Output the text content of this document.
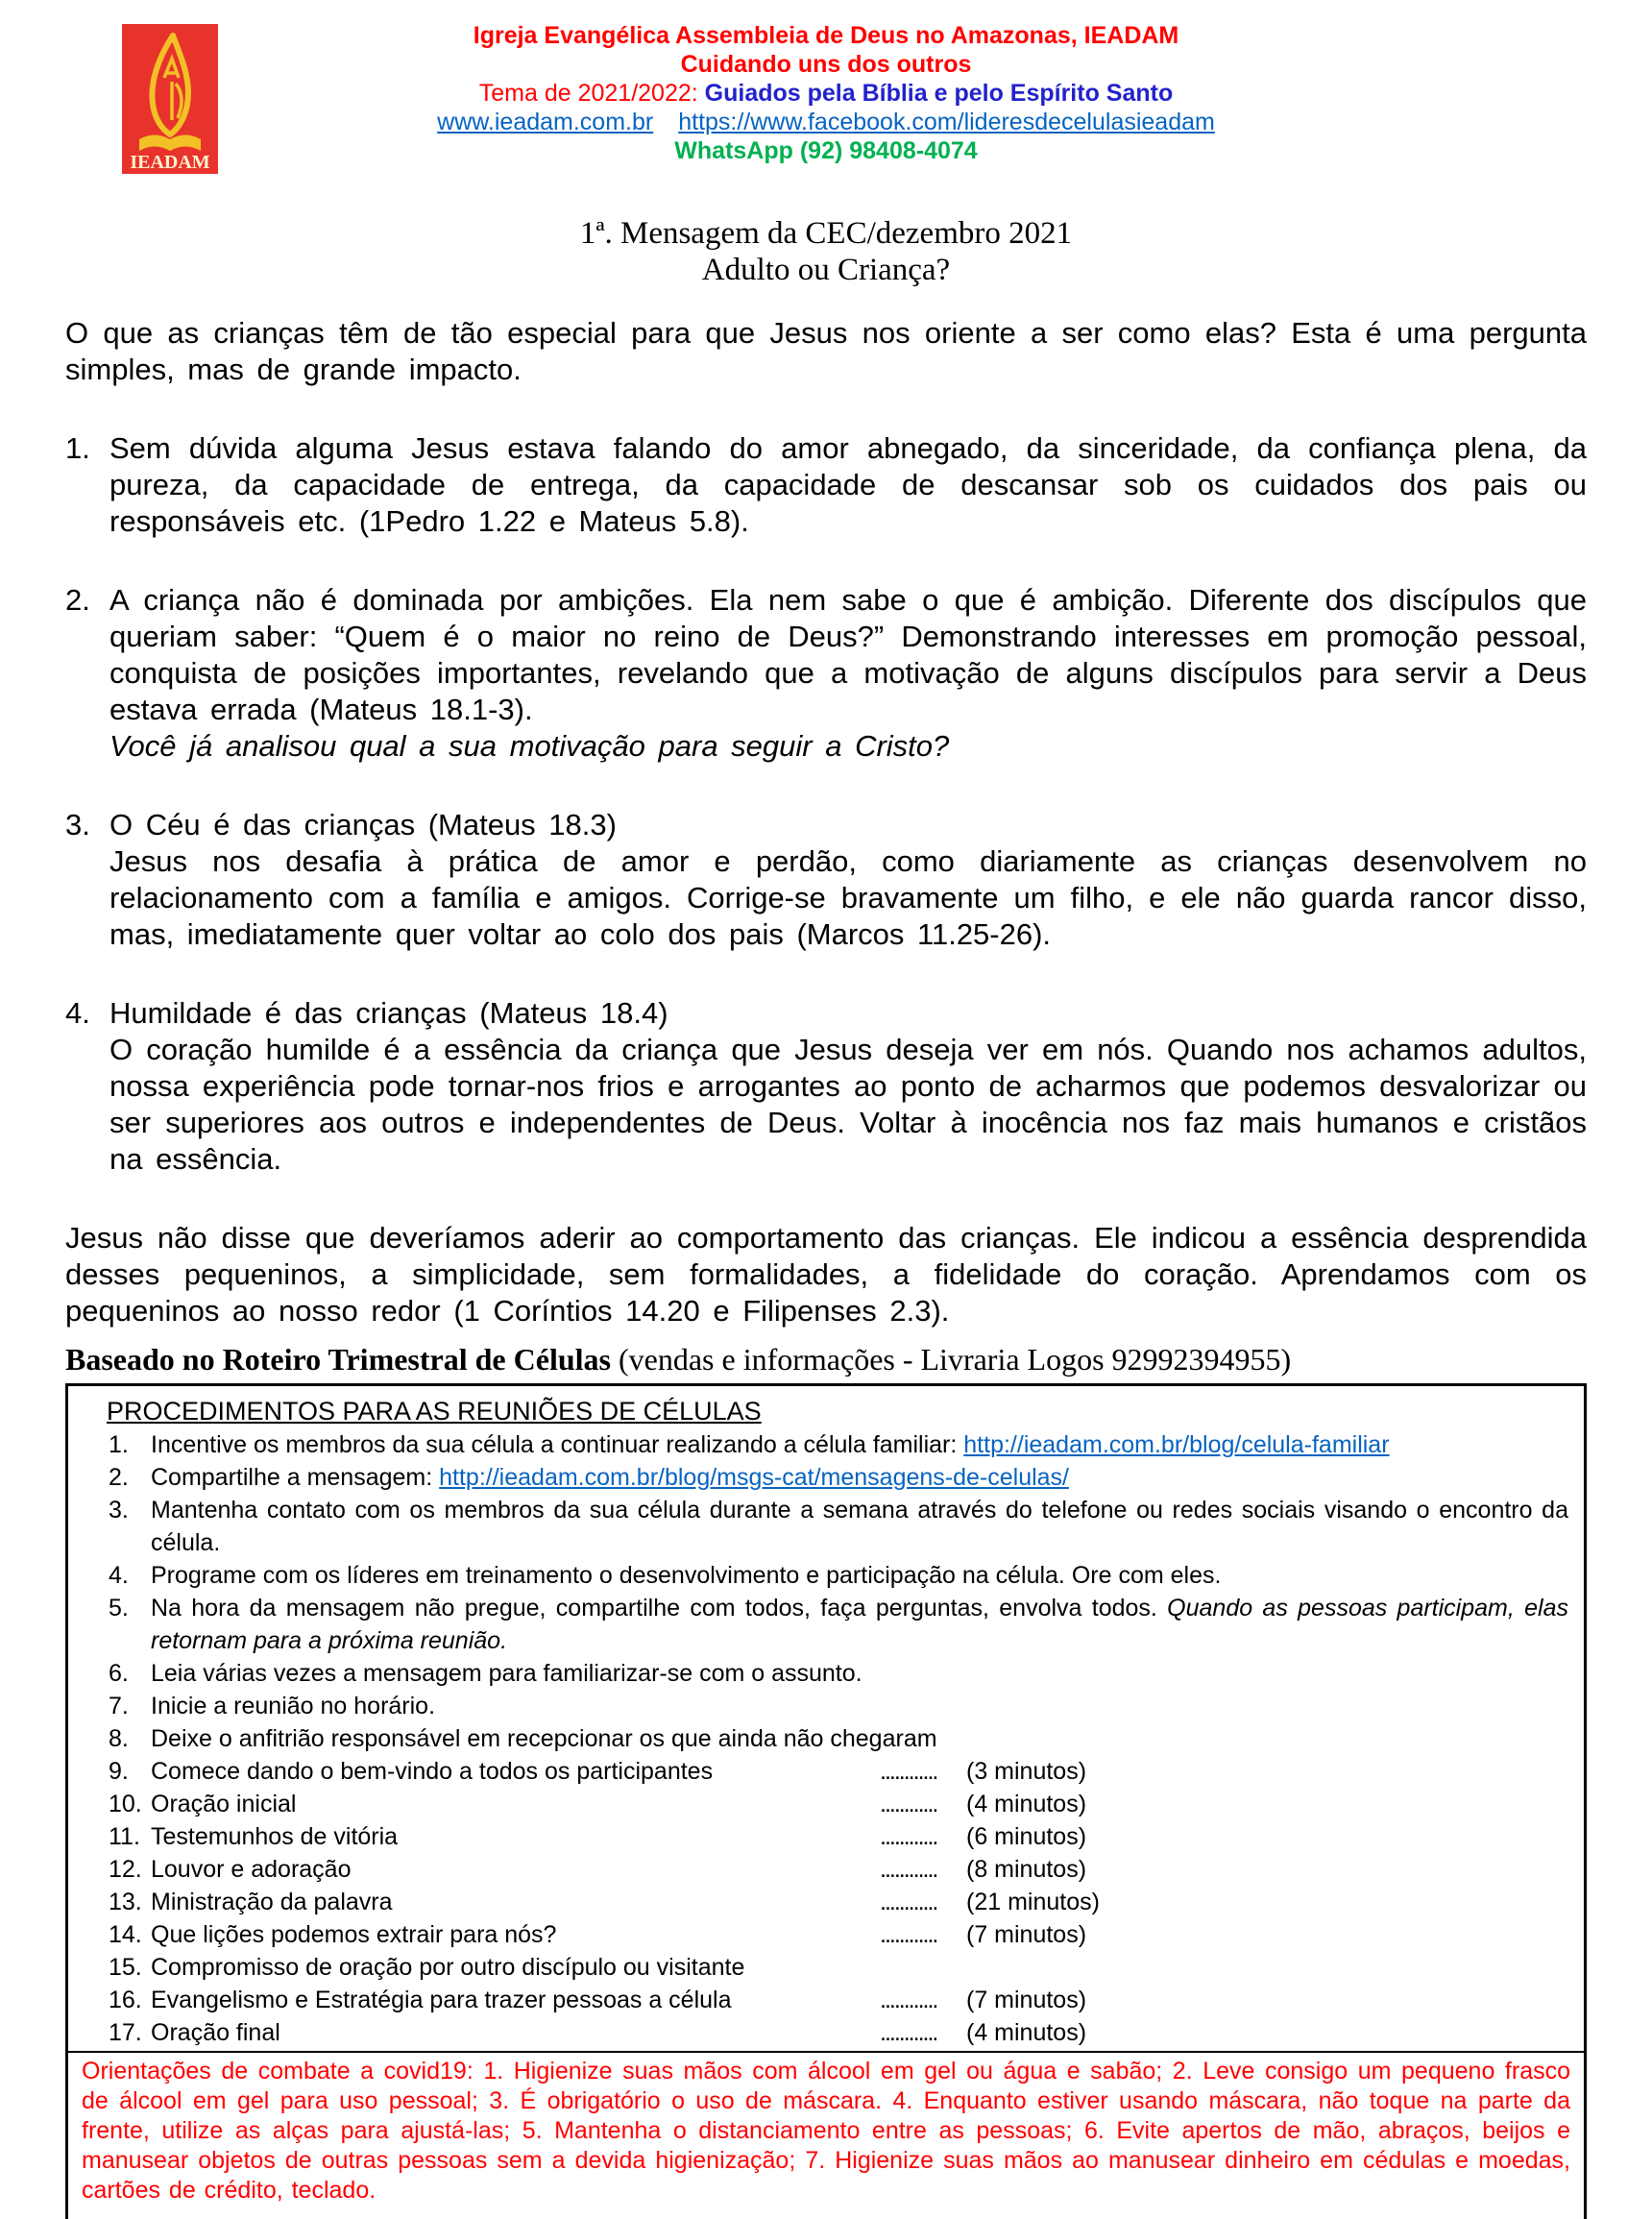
IEADAM
Igreja Evangélica Assembleia de Deus no Amazonas, IEADAM
Cuidando uns dos outros
Tema de 2021/2022: Guiados pela Bíblia e pelo Espírito Santo
www.ieadam.com.br https://www.facebook.com/lideresdecelulasieadam
WhatsApp (92) 98408-4074
1ª. Mensagem da CEC/dezembro 2021
Adulto ou Criança?
O que as crianças têm de tão especial para que Jesus nos oriente a ser como elas? Esta é uma pergunta simples, mas de grande impacto.
1. Sem dúvida alguma Jesus estava falando do amor abnegado, da sinceridade, da confiança plena, da pureza, da capacidade de entrega, da capacidade de descansar sob os cuidados dos pais ou responsáveis etc. (1Pedro 1.22 e Mateus 5.8).
2. A criança não é dominada por ambições. Ela nem sabe o que é ambição. Diferente dos discípulos que queriam saber: “Quem é o maior no reino de Deus?” Demonstrando interesses em promoção pessoal, conquista de posições importantes, revelando que a motivação de alguns discípulos para servir a Deus estava errada (Mateus 18.1-3).
Você já analisou qual a sua motivação para seguir a Cristo?
3. O Céu é das crianças (Mateus 18.3)
Jesus nos desafia à prática de amor e perdão, como diariamente as crianças desenvolvem no relacionamento com a família e amigos. Corrige-se bravamente um filho, e ele não guarda rancor disso, mas, imediatamente quer voltar ao colo dos pais (Marcos 11.25-26).
4. Humildade é das crianças (Mateus 18.4)
O coração humilde é a essência da criança que Jesus deseja ver em nós. Quando nos achamos adultos, nossa experiência pode tornar-nos frios e arrogantes ao ponto de acharmos que podemos desvalorizar ou ser superiores aos outros e independentes de Deus. Voltar à inocência nos faz mais humanos e cristãos na essência.
Jesus não disse que deveríamos aderir ao comportamento das crianças. Ele indicou a essência desprendida desses pequeninos, a simplicidade, sem formalidades, a fidelidade do coração. Aprendamos com os pequeninos ao nosso redor (1 Coríntios 14.20 e Filipenses 2.3).
Baseado no Roteiro Trimestral de Células (vendas e informações - Livraria Logos 92992394955)
PROCEDIMENTOS PARA AS REUNIÕES DE CÉLULAS
1. Incentive os membros da sua célula a continuar realizando a célula familiar: http://ieadam.com.br/blog/celula-familiar
2. Compartilhe a mensagem: http://ieadam.com.br/blog/msgs-cat/mensagens-de-celulas/
3. Mantenha contato com os membros da sua célula durante a semana através do telefone ou redes sociais visando o encontro da célula.
4. Programe com os líderes em treinamento o desenvolvimento e participação na célula. Ore com eles.
5. Na hora da mensagem não pregue, compartilhe com todos, faça perguntas, envolva todos. Quando as pessoas participam, elas retornam para a próxima reunião.
6. Leia várias vezes a mensagem para familiarizar-se com o assunto.
7. Inicie a reunião no horário.
8. Deixe o anfitrião responsável em recepcionar os que ainda não chegaram
9. Comece dando o bem-vindo a todos os participantes	............ (3 minutos)
10. Oração inicial	............ (4 minutos)
11. Testemunhos de vitória	............ (6 minutos)
12. Louvor e adoração	............ (8 minutos)
13. Ministração da palavra	............ (21 minutos)
14. Que lições podemos extrair para nós?	............ (7 minutos)
15. Compromisso de oração por outro discípulo ou visitante
16. Evangelismo e Estratégia para trazer pessoas a célula	............ (7 minutos)
17. Oração final	............ (4 minutos)
Orientações de combate a covid19: 1. Higienize suas mãos com álcool em gel ou água e sabão; 2. Leve consigo um pequeno frasco de álcool em gel para uso pessoal; 3. É obrigatório o uso de máscara. 4. Enquanto estiver usando máscara, não toque na parte da frente, utilize as alças para ajustá-las; 5. Mantenha o distanciamento entre as pessoas; 6. Evite apertos de mão, abraços, beijos e manusear objetos de outras pessoas sem a devida higienização; 7. Higienize suas mãos ao manusear dinheiro em cédulas e moedas, cartões de crédito, teclado.
